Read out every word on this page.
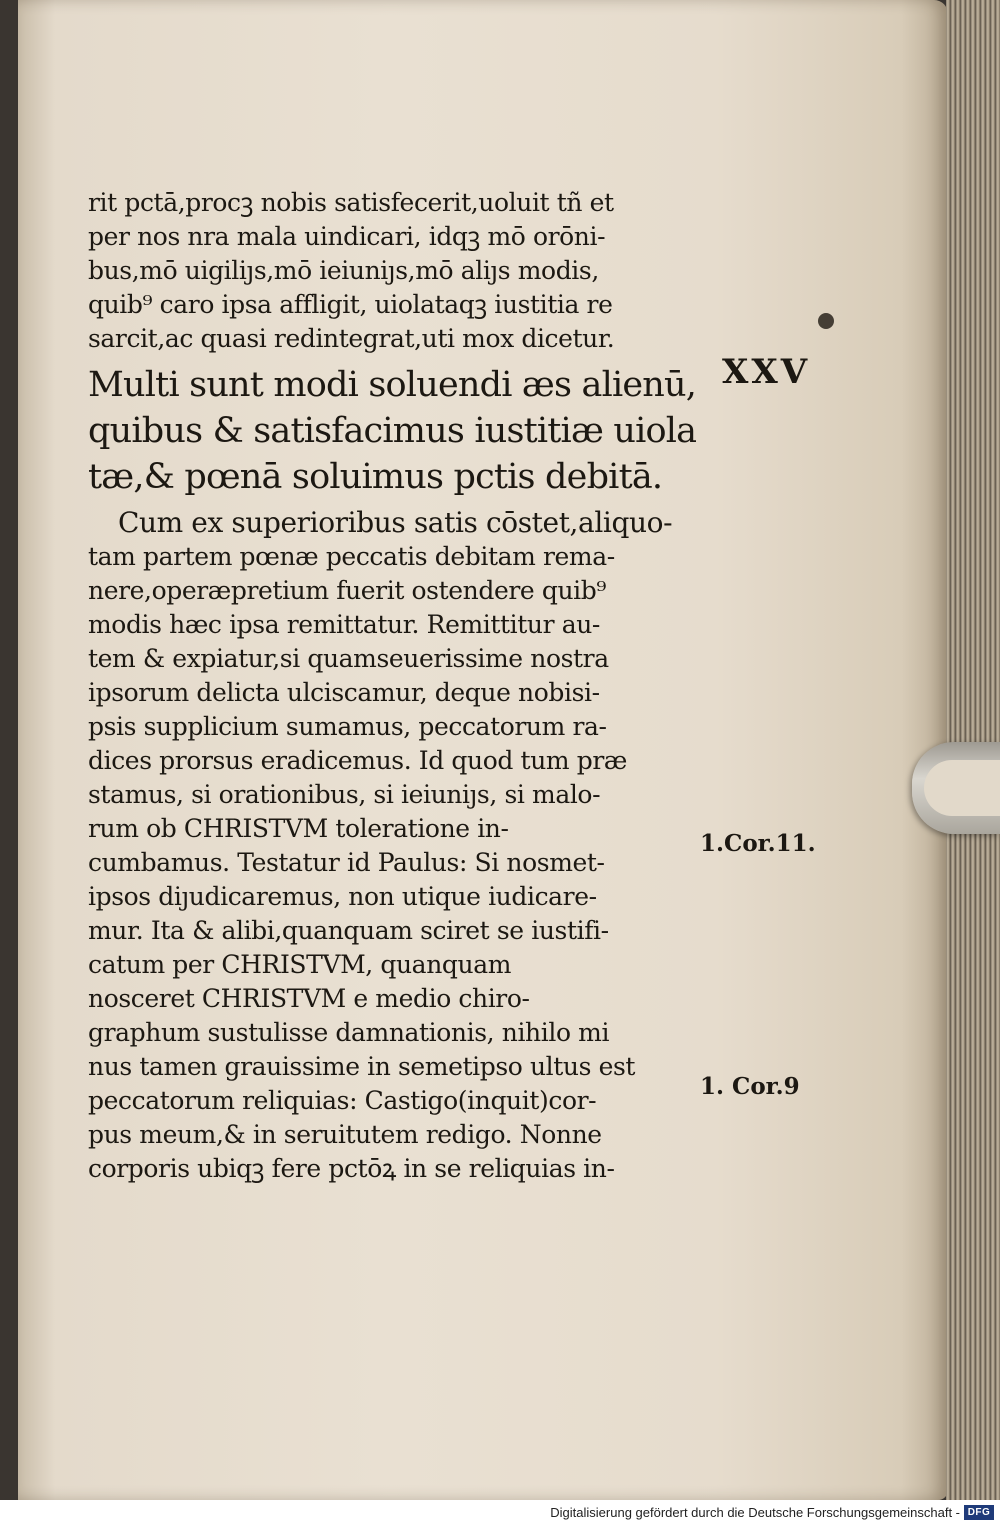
rit pctā,procꝫ nobis satisfecerit,uoluit tñ et
per nos nra mala uindicari, idqꝫ mō orōni-
bus,mō uigiliȷs,mō ieiuniȷs,mō aliȷs modis,
quib⁹ caro ipsa affligit, uiolataqꝫ iustitia re
sarcit,ac quasi redintegrat,uti mox dicetur.
Multi sunt modi soluendi æs alienū,
quibus & satisfacimus iustitiæ uiola
tæ,& pœnā soluimus pctis debitā.
Cum ex superioribus satis cōstet,aliquo-
tam partem pœnæ peccatis debitam rema-
nere,operæpretium fuerit ostendere quib⁹
modis hæc ipsa remittatur. Remittitur au-
tem & expiatur,si quamseuerissime nostra
ipsorum delicta ulciscamur, deque nobisi-
psis supplicium sumamus, peccatorum ra-
dices prorsus eradicemus. Id quod tum præ
stamus, si orationibus, si ieiuniȷs, si malo-
rum ob CHRISTVM toleratione in-
cumbamus. Testatur id Paulus: Si nosmet-
ipsos diȷudicaremus, non utique iudicare-
mur. Ita & alibi,quanquam sciret se iustifi-
catum per CHRISTVM, quanquam
nosceret CHRISTVM e medio chiro-
graphum sustulisse damnationis, nihilo mi
nus tamen grauissime in semetipso ultus est
peccatorum reliquias: Castigo(inquit)cor-
pus meum,& in seruitutem redigo. Nonne
corporis ubiqꝫ fere pctōꝝ in se reliquias in-
XXV
1.Cor.11.
1. Cor.9
Digitalisierung gefördert durch die Deutsche Forschungsgemeinschaft - DFG
